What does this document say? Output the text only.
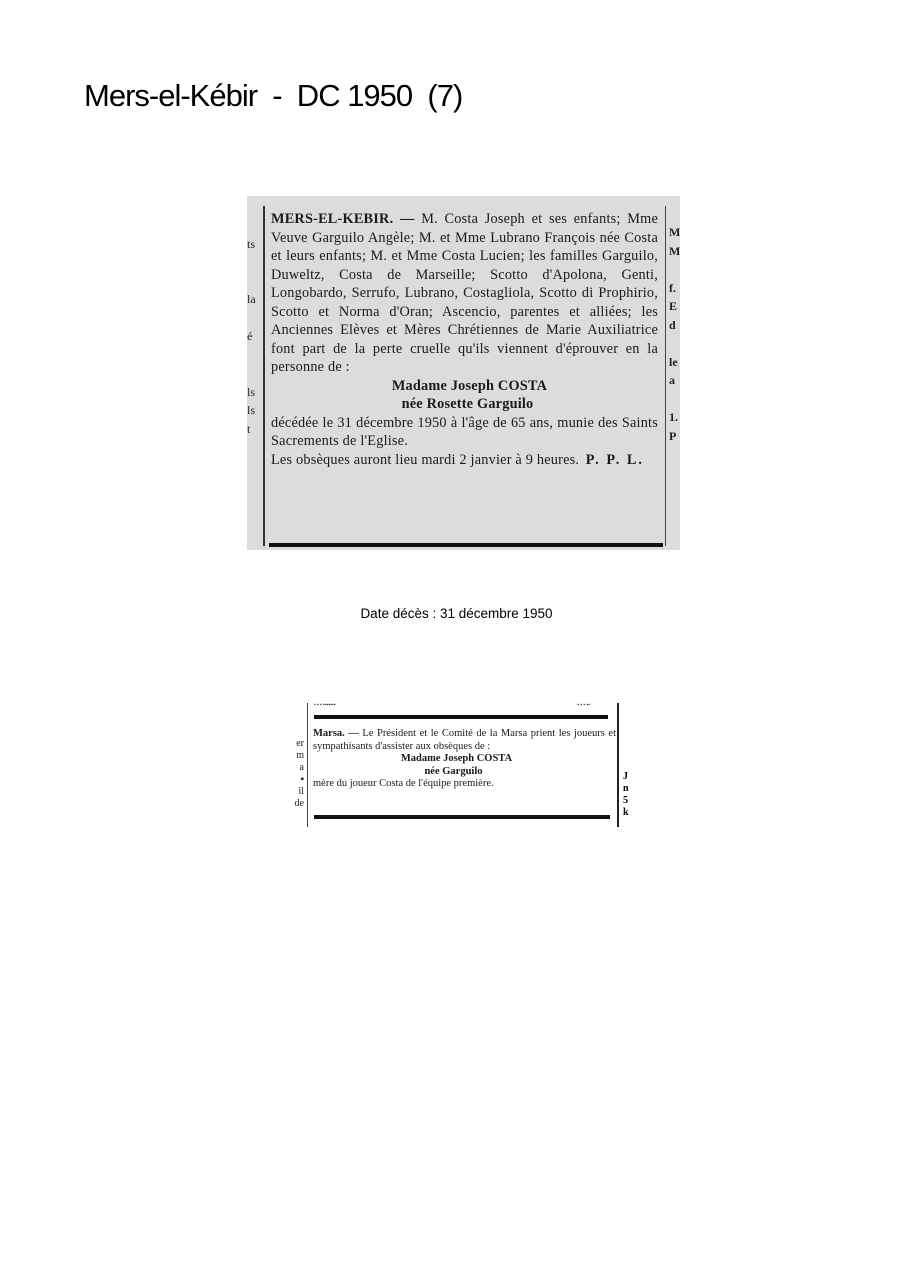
Mers-el-Kébir  -  DC 1950  (7)
ts
la
é
ls
ls
t
M
M
f.
E
d
le
a
1.
P

MERS-EL-KEBIR. — M. Costa Joseph et ses enfants; Mme Veuve Garguilo Angèle; M. et Mme Lubrano François née Costa et leurs enfants; M. et Mme Costa Lucien; les familles Garguilo, Duweltz, Costa de Marseille; Scotto d'Apolona, Genti, Longobardo, Serrufo, Lubrano, Costagliola, Scotto di Prophirio, Scotto et Norma d'Oran; Ascencio, parentes et alliées; les Anciennes Elèves et Mères Chrétiennes de Marie Auxiliatrice font part de la perte cruelle qu'ils viennent d'éprouver en la personne de :

Madame Joseph COSTA
née Rosette Garguilo

décédée le 31 décembre 1950 à l'âge de 65 ans, munie des Saints Sacrements de l'Eglise.

Les obsèques auront lieu mardi 2 janvier à 9 heures. P. P. L.

Date décès : 31 décembre 1950
▪ ▪ ▪ ▪▪▪▪▪▪▪	▪ ▪ ▪ ▪▪
er
m
a
▪
il
de
J
n
5
k

Marsa. — Le Président et le Comité de la Marsa prient les joueurs et sympathisants d'assister aux obsèques de :

Madame Joseph COSTA
née Garguilo

mère du joueur Costa de l'équipe première.
